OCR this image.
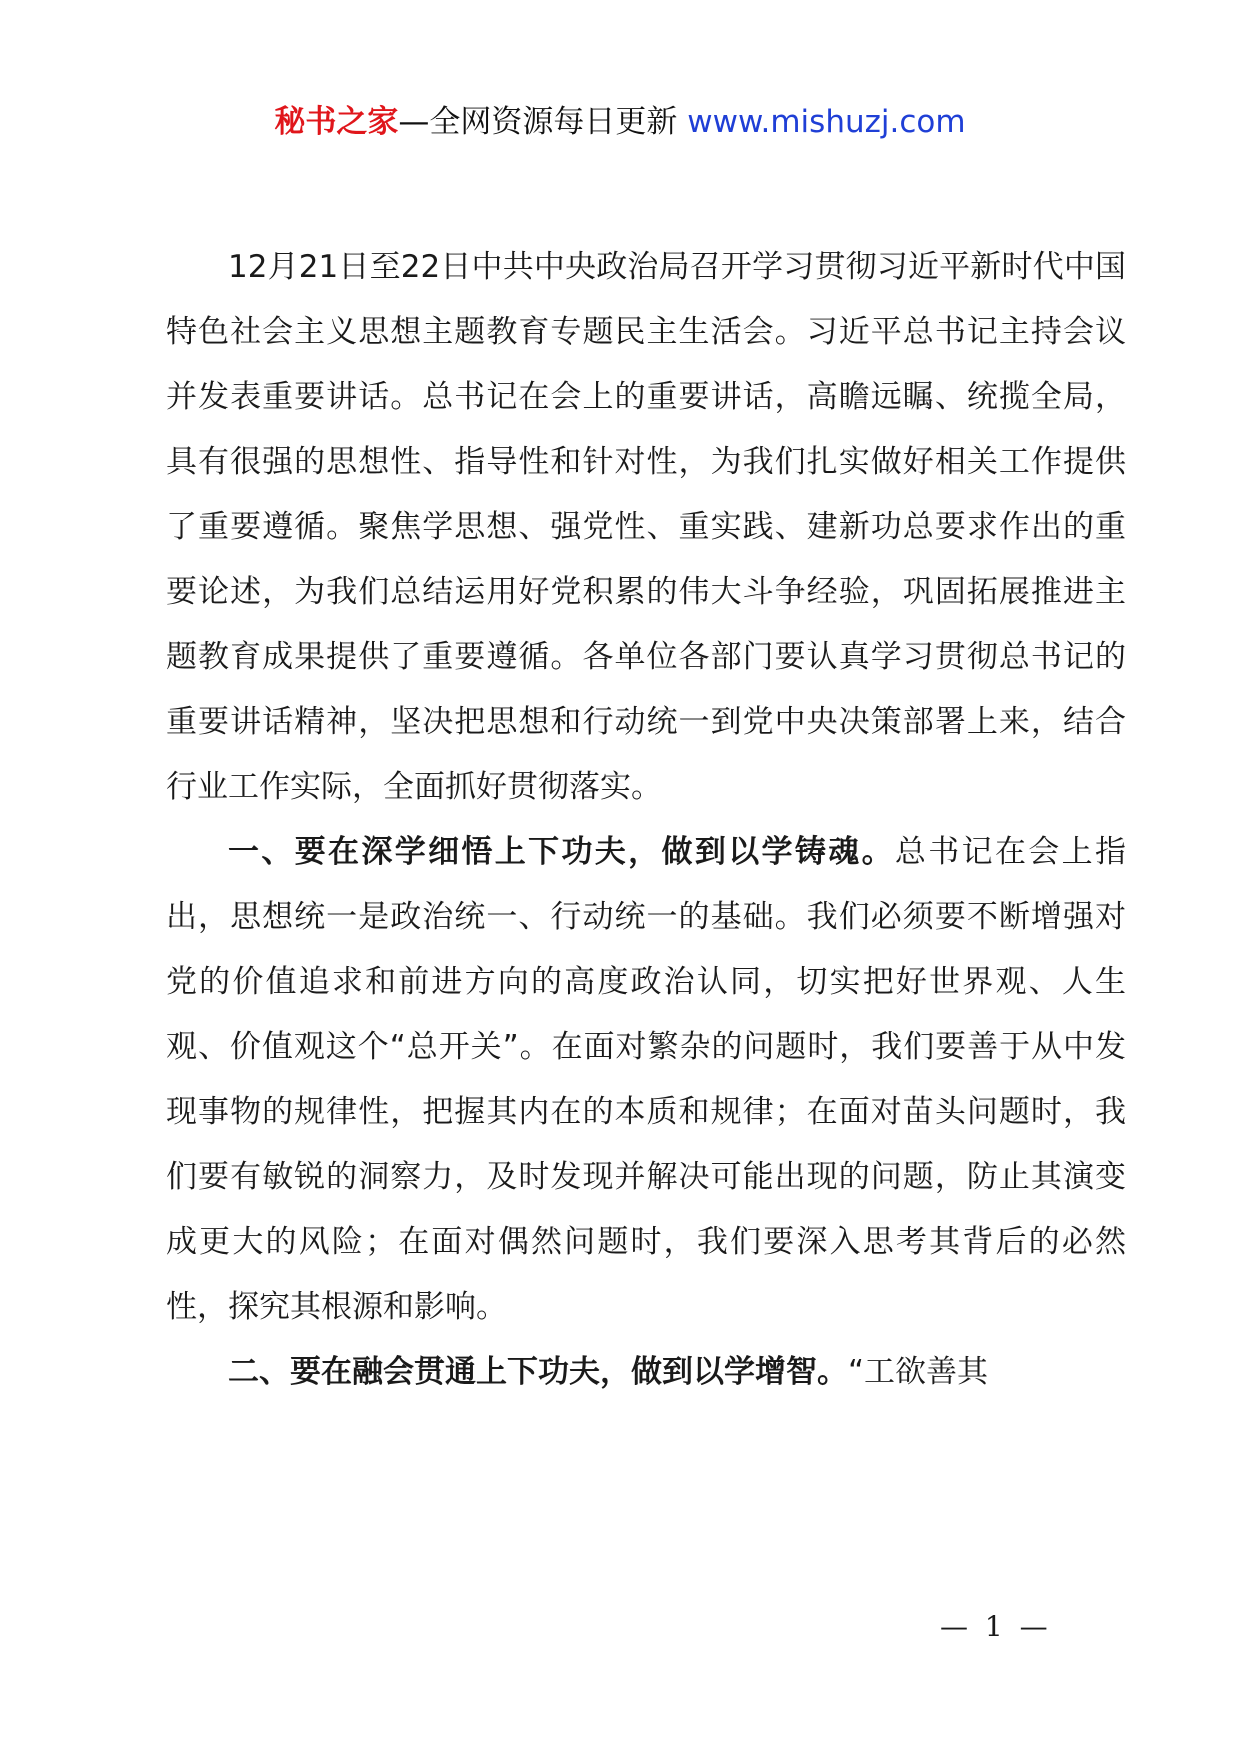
秘书之家—全网资源每日更新 www.mishuzj.com

12月21日至22日中共中央政治局召开学习贯彻习近平新时代中国特色社会主义思想主题教育专题民主生活会。习近平总书记主持会议并发表重要讲话。总书记在会上的重要讲话，高瞻远瞩、统揽全局，具有很强的思想性、指导性和针对性，为我们扎实做好相关工作提供了重要遵循。聚焦学思想、强党性、重实践、建新功总要求作出的重要论述，为我们总结运用好党积累的伟大斗争经验，巩固拓展推进主题教育成果提供了重要遵循。各单位各部门要认真学习贯彻总书记的重要讲话精神，坚决把思想和行动统一到党中央决策部署上来，结合行业工作实际，全面抓好贯彻落实。

一、要在深学细悟上下功夫，做到以学铸魂。总书记在会上指出，思想统一是政治统一、行动统一的基础。我们必须要不断增强对党的价值追求和前进方向的高度政治认同，切实把好世界观、人生观、价值观这个“总开关”。在面对繁杂的问题时，我们要善于从中发现事物的规律性，把握其内在的本质和规律；在面对苗头问题时，我们要有敏锐的洞察力，及时发现并解决可能出现的问题，防止其演变成更大的风险；在面对偶然问题时，我们要深入思考其背后的必然性，探究其根源和影响。

二、要在融会贯通上下功夫，做到以学增智。“工欲善其

— 1 —
